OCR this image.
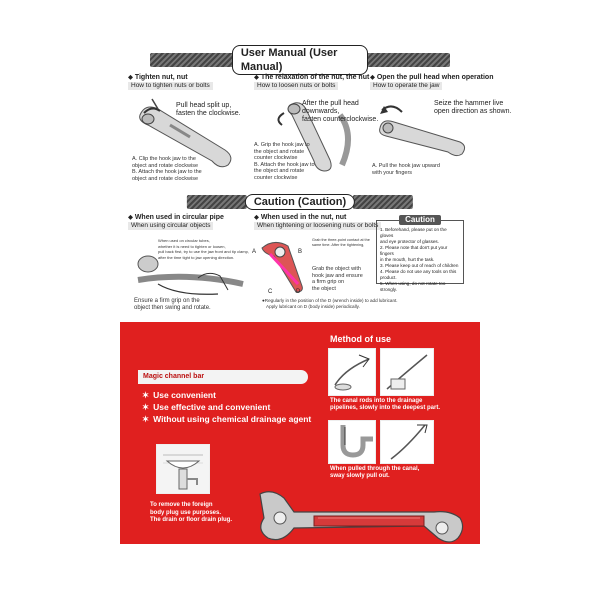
User Manual (User Manual)
◆ Tighten nut, nut
How to tighten nuts or bolts
◆ The relaxation of the nut, the nut
How to loosen nuts or bolts
◆ Open the pull head when operation
How to operate the jaw
Pull head split up,
fasten the clockwise.
A. Clip the hook jaw to the
object and rotate clockwise
B. Attach the hook jaw to the
object and rotate clockwise
After the pull head
downwards,
fasten counterclockwise.
A. Grip the hook jaw to
the object and rotate
counter clockwise
B. Attach the hook jaw to
the object and rotate
counter clockwise
Seize the hammer live
open direction as shown.
A. Pull the hook jaw upward
with your fingers
Caution (Caution)
◆ When used in circular pipe
When using circular objects
◆ When used in the nut, nut
When tightening or loosening nuts or bolts
When used on circular tubes,
whether it is need to tighten or loosen,
pull back first, try to use the jaw front and tip clamp,
after the time tight to jaw opening direction.
Ensure a firm grip on the
object then swing and rotate.
A	B
C	D
Grab the three-point contact at the
same time. After the tightening,
Grab the object with
hook jaw and ensure
a firm grip on
the object
●Regularly in the position of the D (wrench inside) to add lubricant.
Apply lubricant on D (body inside) periodically.
Caution
1. Beforehand, please put on the gloves
and eye protector of glasses.
2. Please note that don't put your fingers
in the mouth, hurt the task.
3. Please keep out of reach of children
4. Please do not use any tools on this product.
5. When using, do not rotate too strongly.
Magic channel bar
✶ Use convenient
✶ Use effective and convenient
✶ Without using chemical drainage agent
To remove the foreign
body plug use purposes.
The drain or floor drain plug.
Method of use
The canal rods into the drainage
pipelines, slowly into the deepest part.
When pulled through the canal,
sway slowly pull out.
